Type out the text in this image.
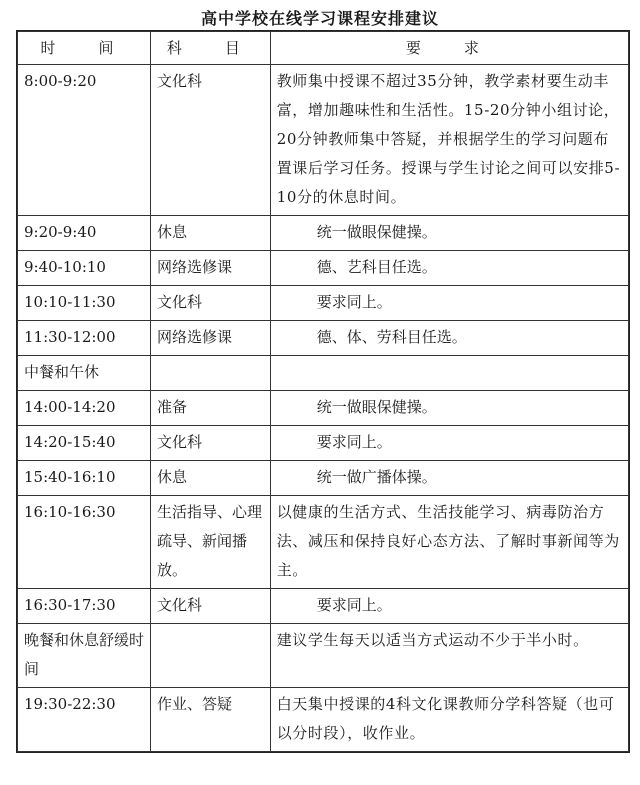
高中学校在线学习课程安排建议
时　间	科　目	要　求
8:00-9:20	文化科	教师集中授课不超过35分钟，教学素材要生动丰富，增加趣味性和生活性。15-20分钟小组讨论，20分钟教师集中答疑，并根据学生的学习问题布置课后学习任务。授课与学生讨论之间可以安排5-10分的休息时间。
9:20-9:40	休息	统一做眼保健操。
9:40-10:10	网络选修课	德、艺科目任选。
10:10-11:30	文化科	要求同上。
11:30-12:00	网络选修课	德、体、劳科目任选。
中餐和午休		
14:00-14:20	准备	统一做眼保健操。
14:20-15:40	文化科	要求同上。
15:40-16:10	休息	统一做广播体操。
16:10-16:30	生活指导、心理疏导、新闻播放。	以健康的生活方式、生活技能学习、病毒防治方法、减压和保持良好心态方法、了解时事新闻等为主。
16:30-17:30	文化科	要求同上。
晚餐和休息舒缓时间		建议学生每天以适当方式运动不少于半小时。
19:30-22:30	作业、答疑	白天集中授课的4科文化课教师分学科答疑（也可以分时段），收作业。
